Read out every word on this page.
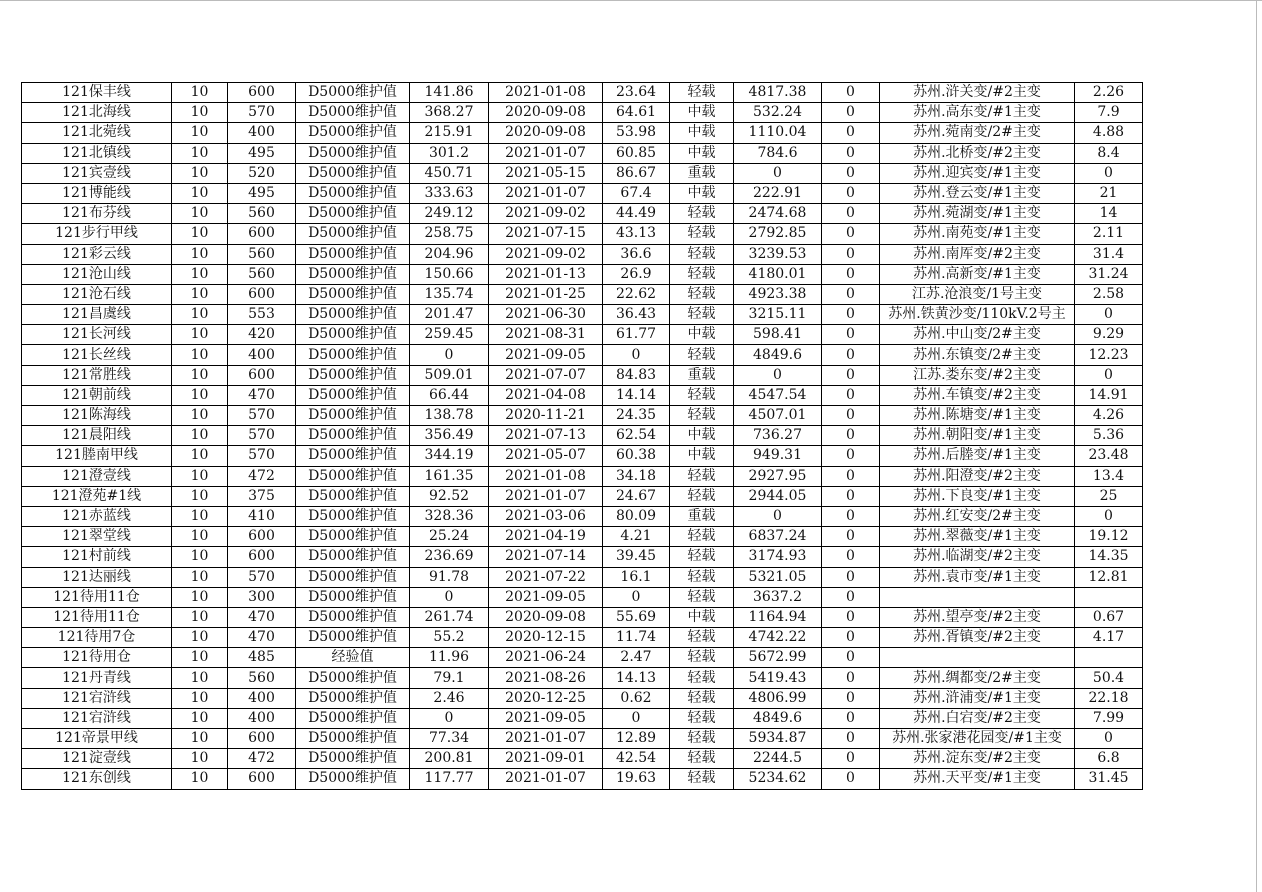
121保丰线	10	600	D5000维护值	141.86	2021-01-08	23.64	轻载	4817.38	0	苏州.浒关变/#2主变	2.26
121北海线	10	570	D5000维护值	368.27	2020-09-08	64.61	中载	532.24	0	苏州.高东变/#1主变	7.9
121北菀线	10	400	D5000维护值	215.91	2020-09-08	53.98	中载	1110.04	0	苏州.菀南变/2#主变	4.88
121北镇线	10	495	D5000维护值	301.2	2021-01-07	60.85	中载	784.6	0	苏州.北桥变/#2主变	8.4
121宾壹线	10	520	D5000维护值	450.71	2021-05-15	86.67	重载	0	0	苏州.迎宾变/#1主变	0
121博能线	10	495	D5000维护值	333.63	2021-01-07	67.4	中载	222.91	0	苏州.登云变/#1主变	21
121布芬线	10	560	D5000维护值	249.12	2021-09-02	44.49	轻载	2474.68	0	苏州.菀湖变/#1主变	14
121步行甲线	10	600	D5000维护值	258.75	2021-07-15	43.13	轻载	2792.85	0	苏州.南苑变/#1主变	2.11
121彩云线	10	560	D5000维护值	204.96	2021-09-02	36.6	轻载	3239.53	0	苏州.南厍变/#2主变	31.4
121沧山线	10	560	D5000维护值	150.66	2021-01-13	26.9	轻载	4180.01	0	苏州.高新变/#1主变	31.24
121沧石线	10	600	D5000维护值	135.74	2021-01-25	22.62	轻载	4923.38	0	江苏.沧浪变/1号主变	2.58
121昌虞线	10	553	D5000维护值	201.47	2021-06-30	36.43	轻载	3215.11	0	苏州.铁黄沙变/110kV.2号主	0
121长河线	10	420	D5000维护值	259.45	2021-08-31	61.77	中载	598.41	0	苏州.中山变/2#主变	9.29
121长丝线	10	400	D5000维护值	0	2021-09-05	0	轻载	4849.6	0	苏州.东镇变/2#主变	12.23
121常胜线	10	600	D5000维护值	509.01	2021-07-07	84.83	重载	0	0	江苏.娄东变/#2主变	0
121朝前线	10	470	D5000维护值	66.44	2021-04-08	14.14	轻载	4547.54	0	苏州.车镇变/#2主变	14.91
121陈海线	10	570	D5000维护值	138.78	2020-11-21	24.35	轻载	4507.01	0	苏州.陈塘变/#1主变	4.26
121晨阳线	10	570	D5000维护值	356.49	2021-07-13	62.54	中载	736.27	0	苏州.朝阳变/#1主变	5.36
121塍南甲线	10	570	D5000维护值	344.19	2021-05-07	60.38	中载	949.31	0	苏州.后塍变/#1主变	23.48
121澄壹线	10	472	D5000维护值	161.35	2021-01-08	34.18	轻载	2927.95	0	苏州.阳澄变/#2主变	13.4
121澄苑#1线	10	375	D5000维护值	92.52	2021-01-07	24.67	轻载	2944.05	0	苏州.下良变/#1主变	25
121赤蓝线	10	410	D5000维护值	328.36	2021-03-06	80.09	重载	0	0	苏州.红安变/2#主变	0
121翠堂线	10	600	D5000维护值	25.24	2021-04-19	4.21	轻载	6837.24	0	苏州.翠薇变/#1主变	19.12
121村前线	10	600	D5000维护值	236.69	2021-07-14	39.45	轻载	3174.93	0	苏州.临湖变/#2主变	14.35
121达丽线	10	570	D5000维护值	91.78	2021-07-22	16.1	轻载	5321.05	0	苏州.袁市变/#1主变	12.81
121待用11仓	10	300	D5000维护值	0	2021-09-05	0	轻载	3637.2	0		
121待用11仓	10	470	D5000维护值	261.74	2020-09-08	55.69	中载	1164.94	0	苏州.望亭变/#2主变	0.67
121待用7仓	10	470	D5000维护值	55.2	2020-12-15	11.74	轻载	4742.22	0	苏州.胥镇变/#2主变	4.17
121待用仓	10	485	经验值	11.96	2021-06-24	2.47	轻载	5672.99	0		
121丹青线	10	560	D5000维护值	79.1	2021-08-26	14.13	轻载	5419.43	0	苏州.绸都变/2#主变	50.4
121宕浒线	10	400	D5000维护值	2.46	2020-12-25	0.62	轻载	4806.99	0	苏州.浒浦变/#1主变	22.18
121宕浒线	10	400	D5000维护值	0	2021-09-05	0	轻载	4849.6	0	苏州.白宕变/#2主变	7.99
121帝景甲线	10	600	D5000维护值	77.34	2021-01-07	12.89	轻载	5934.87	0	苏州.张家港花园变/#1主变	0
121淀壹线	10	472	D5000维护值	200.81	2021-09-01	42.54	轻载	2244.5	0	苏州.淀东变/#2主变	6.8
121东创线	10	600	D5000维护值	117.77	2021-01-07	19.63	轻载	5234.62	0	苏州.天平变/#1主变	31.45
